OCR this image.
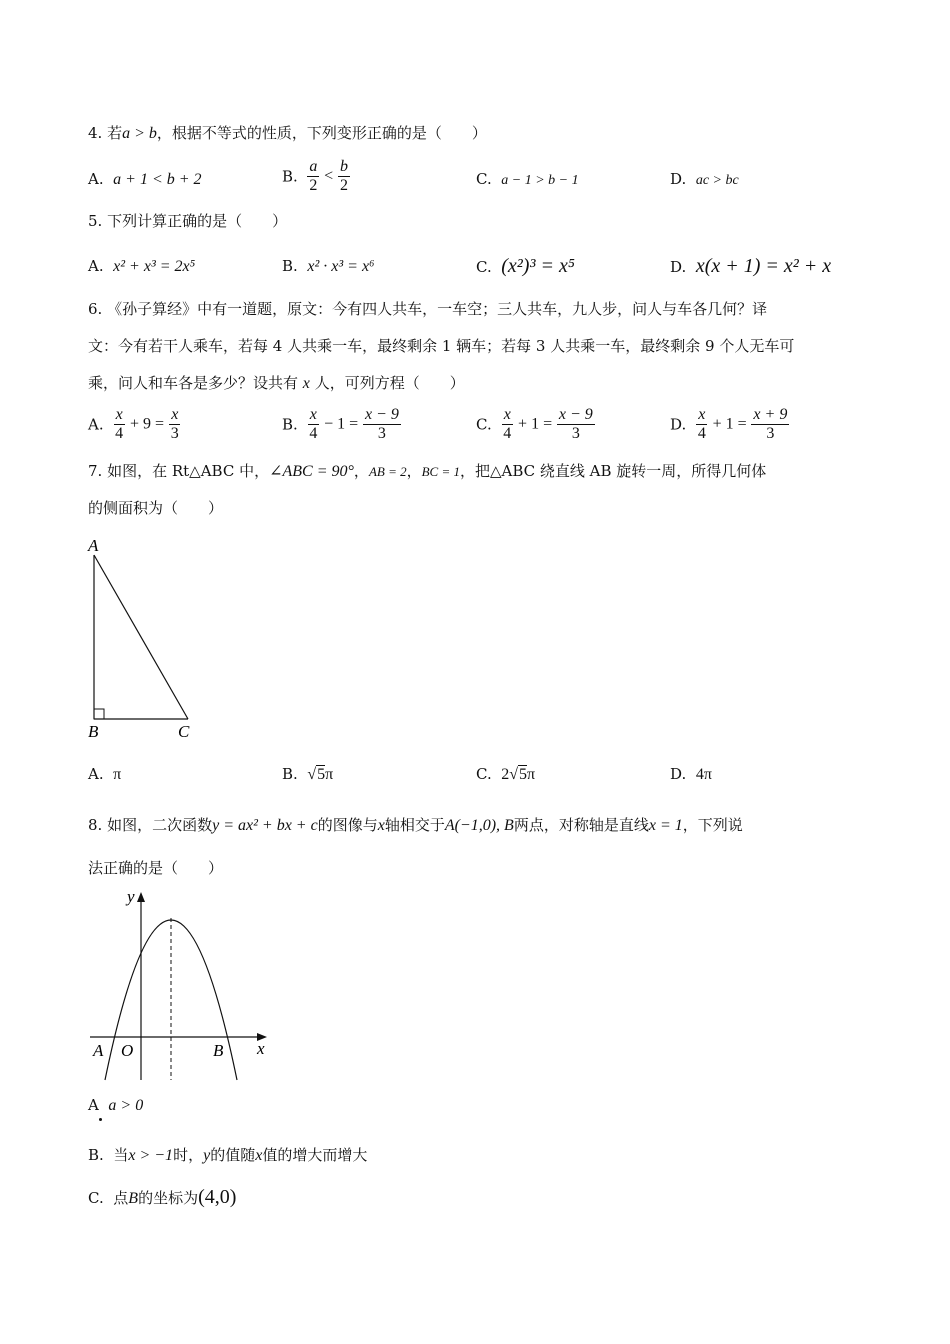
4. 若a > b，根据不等式的性质，下列变形正确的是（　　）
A. a + 1 < b + 2	B. $\frac{a}{2} < \frac{b}{2}$	C. a − 1 > b − 1	D. ac > bc
5. 下列计算正确的是（　　）
A. x² + x³ = 2x⁵	B. x² · x³ = x⁶	C. (x²)³ = x⁵	D. x(x + 1) = x² + x
6. 《孙子算经》中有一道题，原文：今有四人共车，一车空；三人共车，九人步，问人与车各几何？译
文：今有若干人乘车，若每 4 人共乘一车，最终剩余 1 辆车；若每 3 人共乘一车，最终剩余 9 个人无车可
乘，问人和车各是多少？设共有 x 人，可列方程（　　）
A. $\frac{x}{4} + 9 = \frac{x}{3}$	B. $\frac{x}{4} - 1 = \frac{x - 9}{3}$	C. $\frac{x}{4} + 1 = \frac{x - 9}{3}$	D. $\frac{x}{4} + 1 = \frac{x + 9}{3}$
7. 如图，在 Rt△ABC 中，∠ABC = 90°，AB = 2，BC = 1，把△ABC 绕直线 AB 旋转一周，所得几何体
的侧面积为（　　）
A
B	C
A. π	B. √5π	C. 2√5π	D. 4π
8. 如图，二次函数y = ax² + bx + c的图像与x轴相交于A(−1,0), B两点，对称轴是直线x = 1，下列说
法正确的是（　　）
y
x
A O	B
A a > 0
B. 当x > −1时，y的值随x值的增大而增大
C. 点B的坐标为(4,0)
